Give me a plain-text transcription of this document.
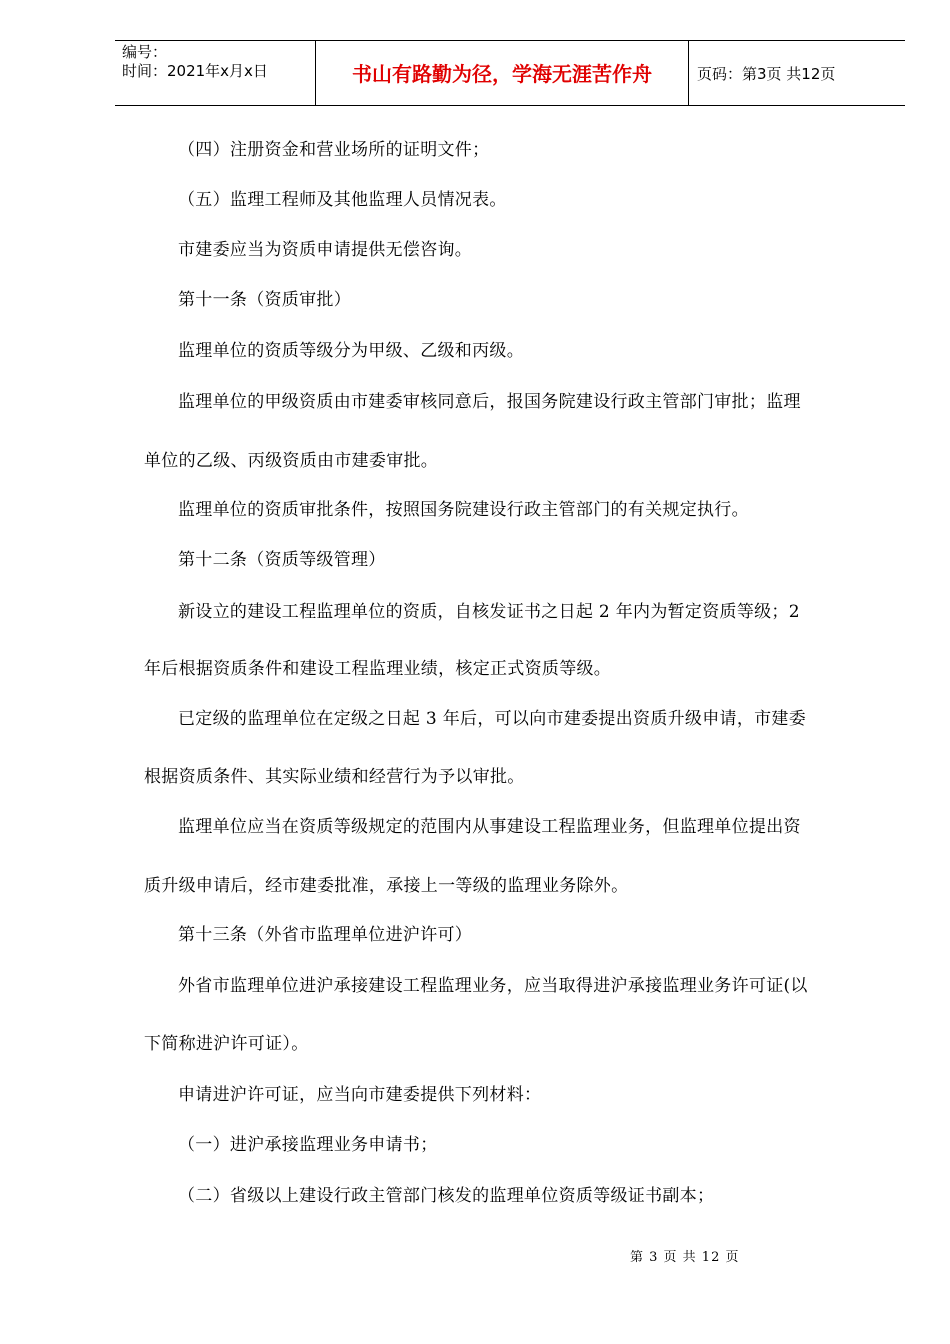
编号：
时间：2021年x月x日	书山有路勤为径，学海无涯苦作舟	页码：第3页 共12页
（四）注册资金和营业场所的证明文件；
（五）监理工程师及其他监理人员情况表。
市建委应当为资质申请提供无偿咨询。
第十一条（资质审批）
监理单位的资质等级分为甲级、乙级和丙级。
监理单位的甲级资质由市建委审核同意后，报国务院建设行政主管部门审批；监理
单位的乙级、丙级资质由市建委审批。
监理单位的资质审批条件，按照国务院建设行政主管部门的有关规定执行。
第十二条（资质等级管理）
新设立的建设工程监理单位的资质，自核发证书之日起 2 年内为暂定资质等级；2
年后根据资质条件和建设工程监理业绩，核定正式资质等级。
已定级的监理单位在定级之日起 3 年后，可以向市建委提出资质升级申请，市建委
根据资质条件、其实际业绩和经营行为予以审批。
监理单位应当在资质等级规定的范围内从事建设工程监理业务，但监理单位提出资
质升级申请后，经市建委批准，承接上一等级的监理业务除外。
第十三条（外省市监理单位进沪许可）
外省市监理单位进沪承接建设工程监理业务，应当取得进沪承接监理业务许可证(以
下简称进沪许可证）。
申请进沪许可证，应当向市建委提供下列材料：
（一）进沪承接监理业务申请书；
（二）省级以上建设行政主管部门核发的监理单位资质等级证书副本；
第 3 页 共 12 页
